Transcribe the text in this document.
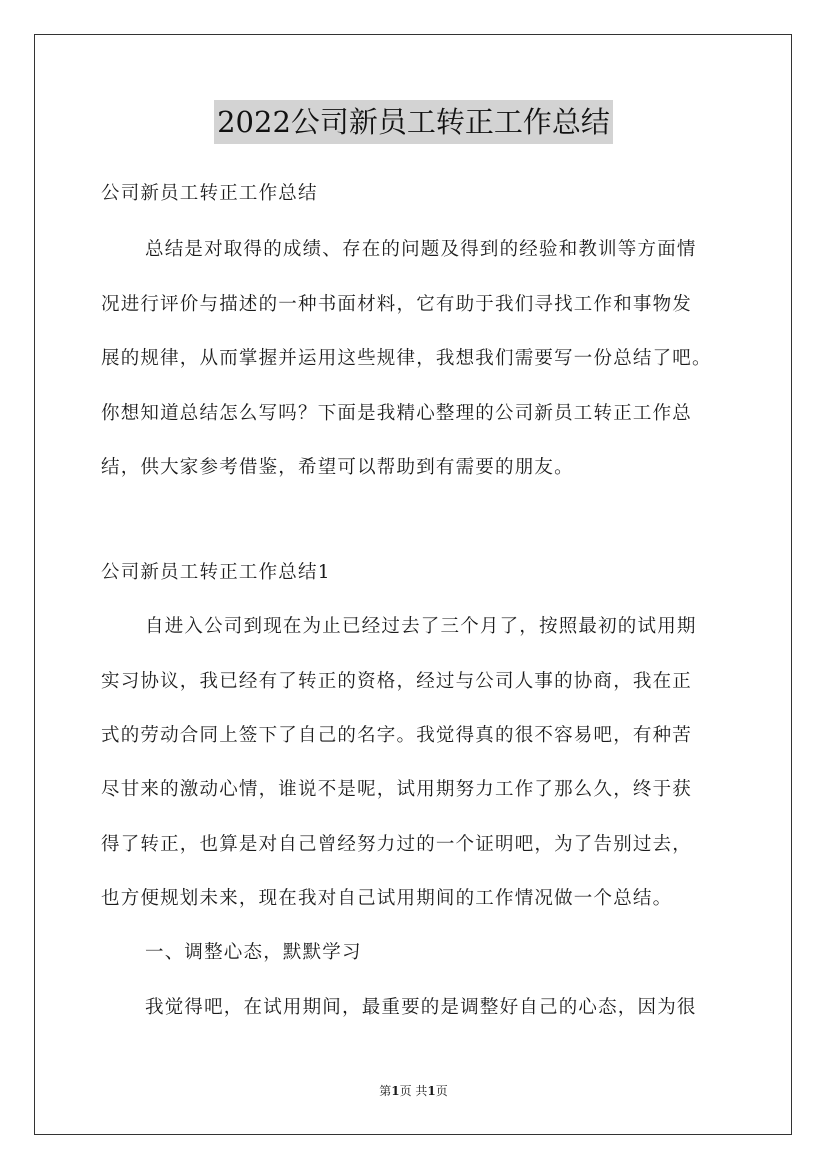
2022公司新员工转正工作总结
公司新员工转正工作总结
总结是对取得的成绩、存在的问题及得到的经验和教训等方面情
况进行评价与描述的一种书面材料，它有助于我们寻找工作和事物发
展的规律，从而掌握并运用这些规律，我想我们需要写一份总结了吧。
你想知道总结怎么写吗？下面是我精心整理的公司新员工转正工作总
结，供大家参考借鉴，希望可以帮助到有需要的朋友。
公司新员工转正工作总结1
自进入公司到现在为止已经过去了三个月了，按照最初的试用期
实习协议，我已经有了转正的资格，经过与公司人事的协商，我在正
式的劳动合同上签下了自己的名字。我觉得真的很不容易吧，有种苦
尽甘来的激动心情，谁说不是呢，试用期努力工作了那么久，终于获
得了转正，也算是对自己曾经努力过的一个证明吧，为了告别过去，
也方便规划未来，现在我对自己试用期间的工作情况做一个总结。
一、调整心态，默默学习
我觉得吧，在试用期间，最重要的是调整好自己的心态，因为很
第1页 共1页
